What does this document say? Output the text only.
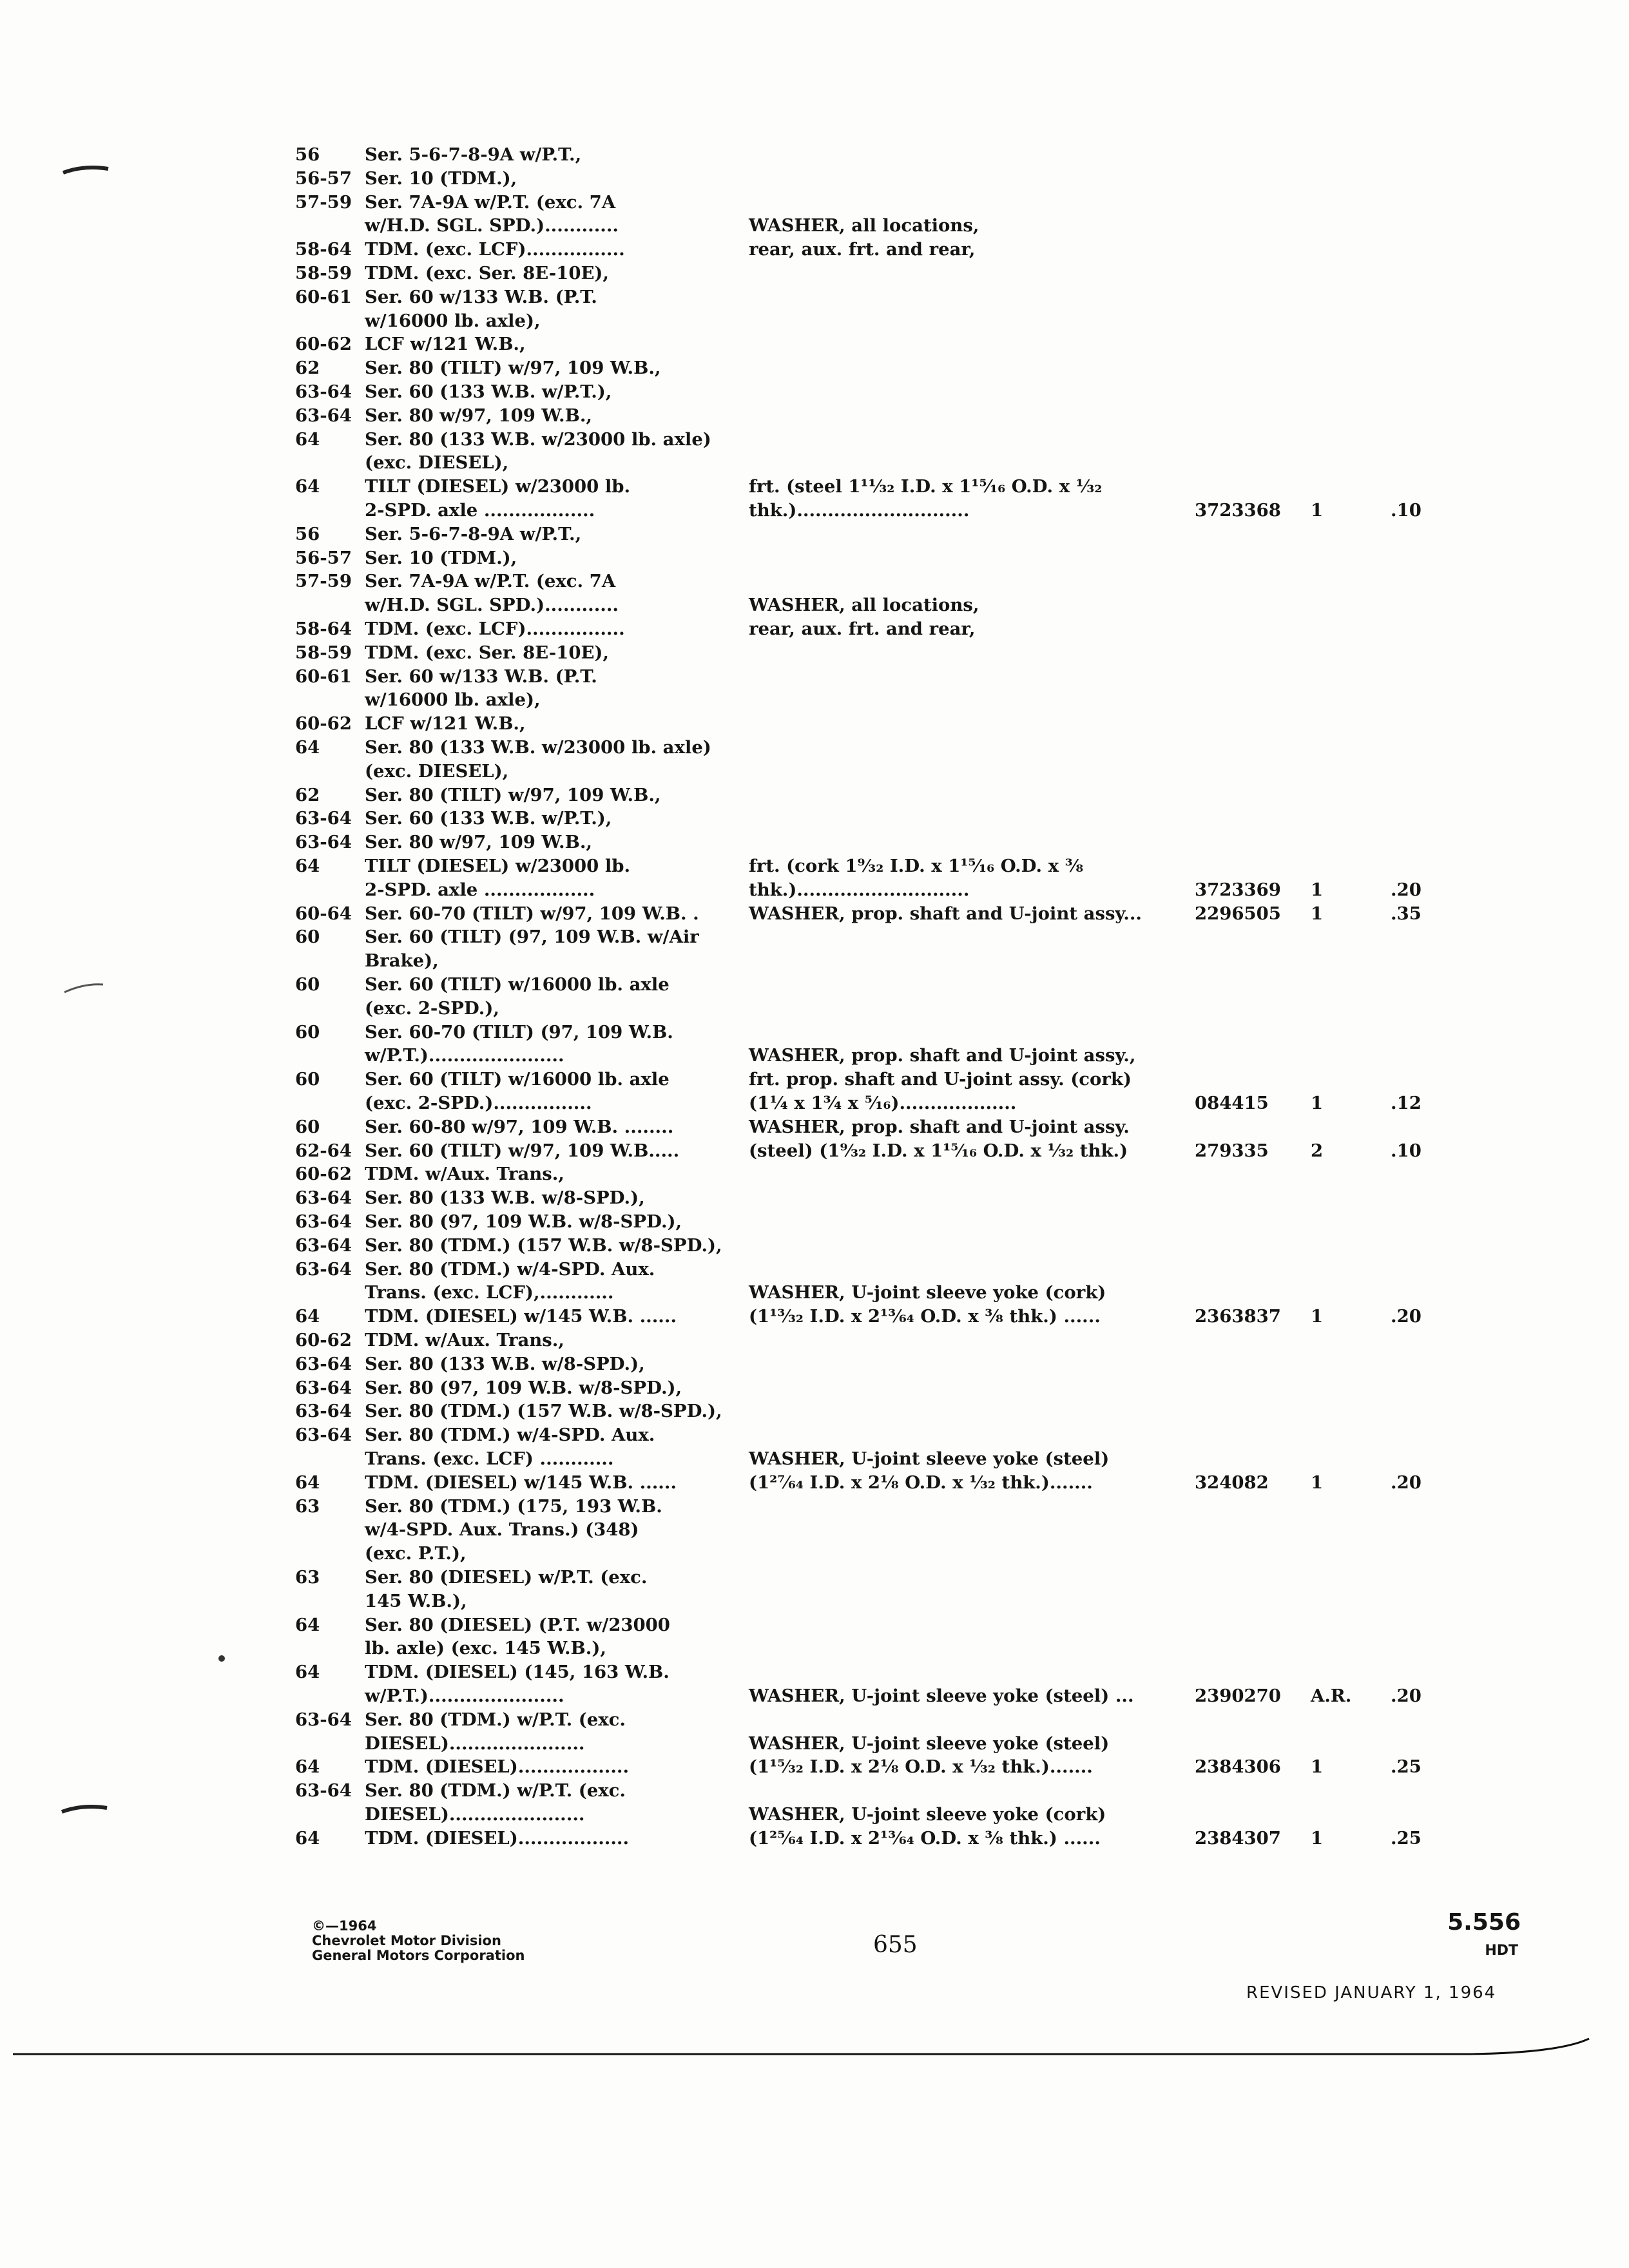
56	Ser. 5-6-7-8-9A w/P.T.,
56-57 Ser. 10 (TDM.),
57-59 Ser. 7A-9A w/P.T. (exc. 7A
w/H.D. SGL. SPD.)............	WASHER, all locations,
58-64 TDM. (exc. LCF)................	rear, aux. frt. and rear,
58-59 TDM. (exc. Ser. 8E-10E),
60-61 Ser. 60 w/133 W.B. (P.T.
w/16000 lb. axle),
60-62 LCF w/121 W.B.,
62	Ser. 80 (TILT) w/97, 109 W.B.,
63-64 Ser. 60 (133 W.B. w/P.T.),
63-64 Ser. 80 w/97, 109 W.B.,
64	Ser. 80 (133 W.B. w/23000 lb. axle)
(exc. DIESEL),
64	TILT (DIESEL) w/23000 lb.	frt. (steel 1¹¹⁄₃₂ I.D. x 1¹⁵⁄₁₆ O.D. x ¹⁄₃₂
2-SPD. axle ..................	thk.)............................	3723368 1	.10
56	Ser. 5-6-7-8-9A w/P.T.,
56-57 Ser. 10 (TDM.),
57-59 Ser. 7A-9A w/P.T. (exc. 7A
w/H.D. SGL. SPD.)............	WASHER, all locations,
58-64 TDM. (exc. LCF)................	rear, aux. frt. and rear,
58-59 TDM. (exc. Ser. 8E-10E),
60-61 Ser. 60 w/133 W.B. (P.T.
w/16000 lb. axle),
60-62 LCF w/121 W.B.,
64	Ser. 80 (133 W.B. w/23000 lb. axle)
(exc. DIESEL),
62	Ser. 80 (TILT) w/97, 109 W.B.,
63-64 Ser. 60 (133 W.B. w/P.T.),
63-64 Ser. 80 w/97, 109 W.B.,
64	TILT (DIESEL) w/23000 lb.	frt. (cork 1⁹⁄₃₂ I.D. x 1¹⁵⁄₁₆ O.D. x ³⁄₈
2-SPD. axle ..................	thk.)............................	3723369 1	.20
60-64 Ser. 60-70 (TILT) w/97, 109 W.B. .	WASHER, prop. shaft and U-joint assy...	2296505 1	.35
60	Ser. 60 (TILT) (97, 109 W.B. w/Air
Brake),
60	Ser. 60 (TILT) w/16000 lb. axle
(exc. 2-SPD.),
60	Ser. 60-70 (TILT) (97, 109 W.B.
w/P.T.)......................	WASHER, prop. shaft and U-joint assy.,
60	Ser. 60 (TILT) w/16000 lb. axle	frt. prop. shaft and U-joint assy. (cork)
(exc. 2-SPD.)................	(1¹⁄₄ x 1³⁄₄ x ⁵⁄₁₆)...................	084415 1	.12
60	Ser. 60-80 w/97, 109 W.B. ........	WASHER, prop. shaft and U-joint assy.
62-64 Ser. 60 (TILT) w/97, 109 W.B.....	(steel) (1⁹⁄₃₂ I.D. x 1¹⁵⁄₁₆ O.D. x ¹⁄₃₂ thk.)	279335 2	.10
60-62 TDM. w/Aux. Trans.,
63-64 Ser. 80 (133 W.B. w/8-SPD.),
63-64 Ser. 80 (97, 109 W.B. w/8-SPD.),
63-64 Ser. 80 (TDM.) (157 W.B. w/8-SPD.),
63-64 Ser. 80 (TDM.) w/4-SPD. Aux.
Trans. (exc. LCF),............	WASHER, U-joint sleeve yoke (cork)
64	TDM. (DIESEL) w/145 W.B. ......	(1¹³⁄₃₂ I.D. x 2¹³⁄₆₄ O.D. x ³⁄₈ thk.) ......	2363837 1	.20
60-62 TDM. w/Aux. Trans.,
63-64 Ser. 80 (133 W.B. w/8-SPD.),
63-64 Ser. 80 (97, 109 W.B. w/8-SPD.),
63-64 Ser. 80 (TDM.) (157 W.B. w/8-SPD.),
63-64 Ser. 80 (TDM.) w/4-SPD. Aux.
Trans. (exc. LCF) ............	WASHER, U-joint sleeve yoke (steel)
64	TDM. (DIESEL) w/145 W.B. ......	(1²⁷⁄₆₄ I.D. x 2¹⁄₈ O.D. x ¹⁄₃₂ thk.).......	324082 1	.20
63	Ser. 80 (TDM.) (175, 193 W.B.
w/4-SPD. Aux. Trans.) (348)
(exc. P.T.),
63	Ser. 80 (DIESEL) w/P.T. (exc.
145 W.B.),
64	Ser. 80 (DIESEL) (P.T. w/23000
lb. axle) (exc. 145 W.B.),
64	TDM. (DIESEL) (145, 163 W.B.
w/P.T.)......................	WASHER, U-joint sleeve yoke (steel) ...	2390270 A.R. .20
63-64 Ser. 80 (TDM.) w/P.T. (exc.
DIESEL)......................	WASHER, U-joint sleeve yoke (steel)
64	TDM. (DIESEL)..................	(1¹⁵⁄₃₂ I.D. x 2¹⁄₈ O.D. x ¹⁄₃₂ thk.).......	2384306 1	.25
63-64 Ser. 80 (TDM.) w/P.T. (exc.
DIESEL)......................	WASHER, U-joint sleeve yoke (cork)
64	TDM. (DIESEL)..................	(1²⁵⁄₆₄ I.D. x 2¹³⁄₆₄ O.D. x ³⁄₈ thk.) ......	2384307 1	.25
©—1964
Chevrolet Motor Division
General Motors Corporation	655
5.556
HDT
REVISED JANUARY 1, 1964
